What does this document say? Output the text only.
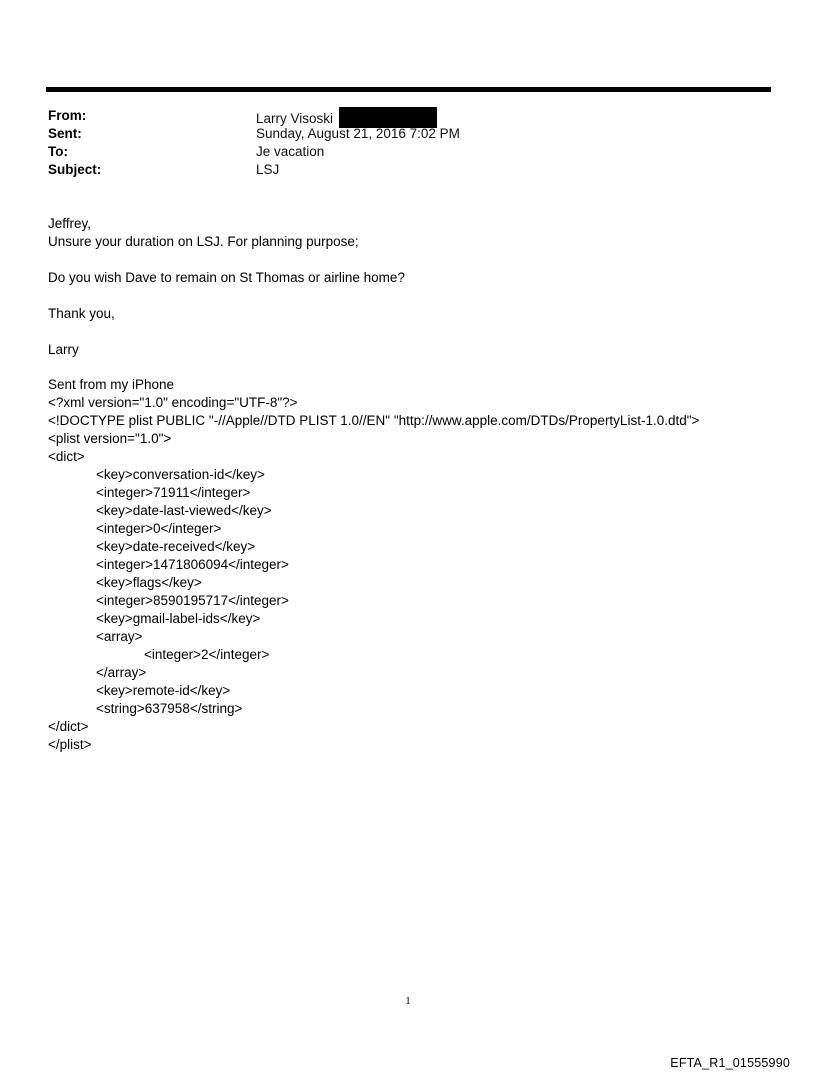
From:	Larry Visoski
Sent:	Sunday, August 21, 2016 7:02 PM
To:	Je vacation
Subject:	LSJ
Jeffrey,
Unsure your duration on LSJ. For planning purpose;
Do you wish Dave to remain on St Thomas or airline home?
Thank you,
Larry
Sent from my iPhone
<?xml version="1.0" encoding="UTF-8"?>
<!DOCTYPE plist PUBLIC "-//Apple//DTD PLIST 1.0//EN" "http://www.apple.com/DTDs/PropertyList-1.0.dtd">
<plist version="1.0">
<dict>
<key>conversation-id</key>
<integer>71911</integer>
<key>date-last-viewed</key>
<integer>0</integer>
<key>date-received</key>
<integer>1471806094</integer>
<key>flags</key>
<integer>8590195717</integer>
<key>gmail-label-ids</key>
<array>
<integer>2</integer>
</array>
<key>remote-id</key>
<string>637958</string>
</dict>
</plist>
1
EFTA_R1_01555990
